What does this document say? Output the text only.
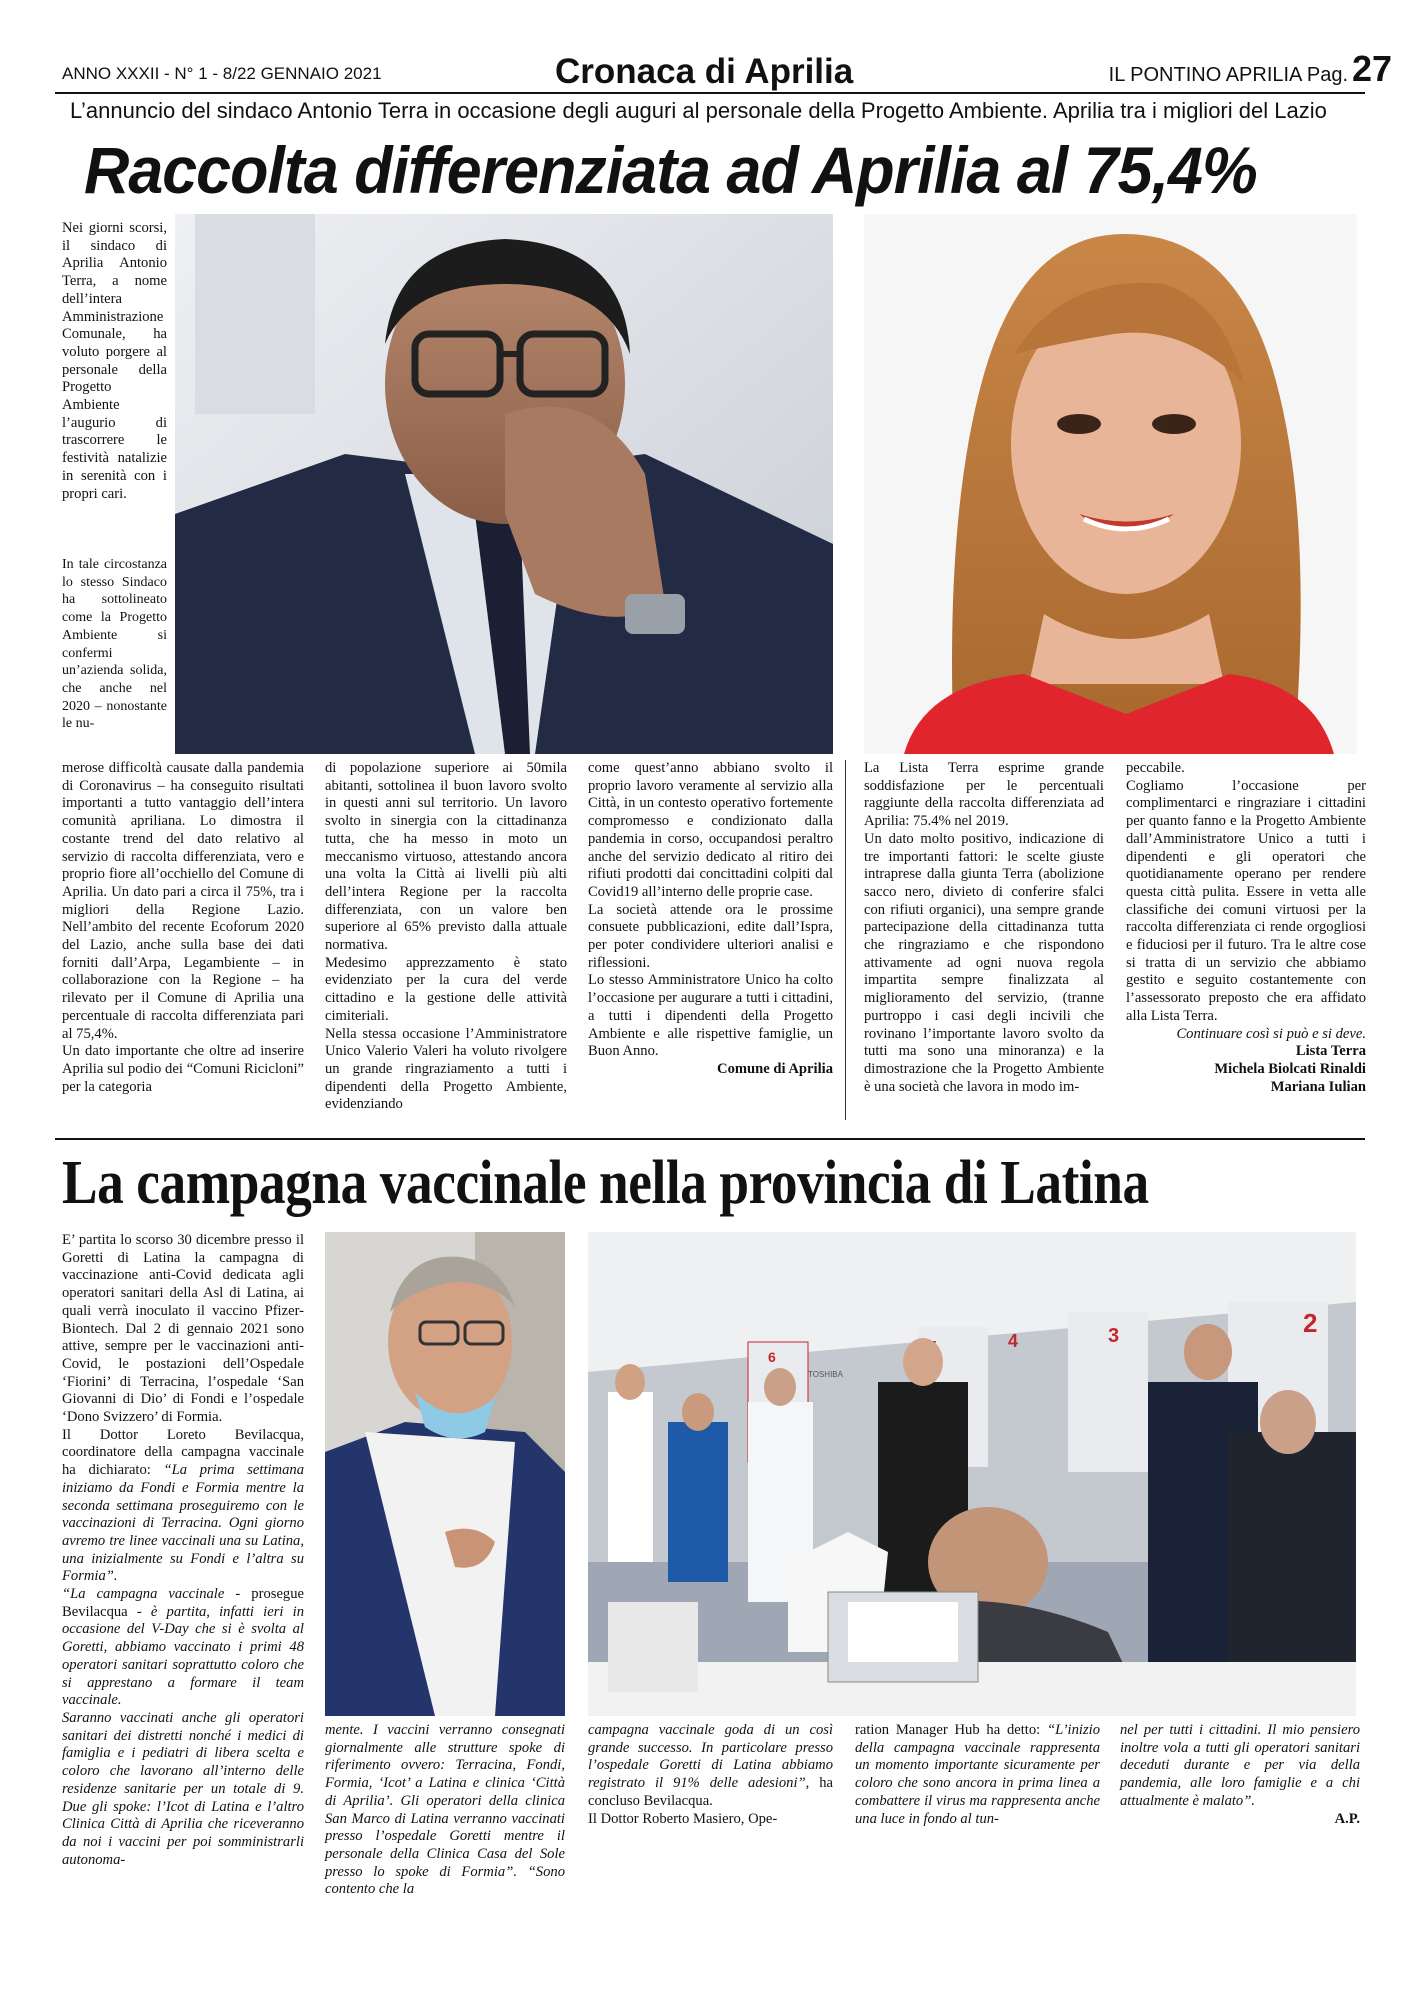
ANNO XXXII - N° 1 - 8/22 GENNAIO 2021	Cronaca di Aprilia	IL PONTINO APRILIA Pag. 27
L’annuncio del sindaco Antonio Terra in occasione degli auguri al personale della Progetto Ambiente. Aprilia tra i migliori del Lazio
Raccolta differenziata ad Aprilia al 75,4%

Nei giorni scorsi, il sindaco di Aprilia Antonio Terra, a nome dell’intera Amministrazione Comunale, ha voluto porgere al personale della Progetto Ambiente l’augurio di trascorrere le festività natalizie in serenità con i propri cari.

In tale circostanza lo stesso Sindaco ha sottolineato come la Progetto Ambiente si confermi un’azienda solida, che anche nel 2020 – nonostante le nu-

merose difficoltà causate dalla pandemia di Coronavirus – ha conseguito risultati importanti a tutto vantaggio dell’intera comunità apriliana. Lo dimostra il costante trend del dato relativo al servizio di raccolta differenziata, vero e proprio fiore all’occhiello del Comune di Aprilia. Un dato pari a circa il 75%, tra i migliori della Regione Lazio. Nell’ambito del recente Ecoforum 2020 del Lazio, anche sulla base dei dati forniti dall’Arpa, Legambiente – in collaborazione con la Regione – ha rilevato per il Comune di Aprilia una percentuale di raccolta differenziata pari al 75,4%.

Un dato importante che oltre ad inserire Aprilia sul podio dei “Comuni Ricicloni” per la categoria

di popolazione superiore ai 50mila abitanti, sottolinea il buon lavoro svolto in questi anni sul territorio. Un lavoro svolto in sinergia con la cittadinanza tutta, che ha messo in moto un meccanismo virtuoso, attestando ancora una volta la Città ai livelli più alti dell’intera Regione per la raccolta differenziata, con un valore ben superiore al 65% previsto dalla attuale normativa.

Medesimo apprezzamento è stato evidenziato per la cura del verde cittadino e la gestione delle attività cimiteriali.

Nella stessa occasione l’Amministratore Unico Valerio Valeri ha voluto rivolgere un grande ringraziamento a tutti i dipendenti della Progetto Ambiente, evidenziando

come quest’anno abbiano svolto il proprio lavoro veramente al servizio alla Città, in un contesto operativo fortemente compromesso e condizionato dalla pandemia in corso, occupandosi peraltro anche del servizio dedicato al ritiro dei rifiuti prodotti dai concittadini colpiti dal Covid19 all’interno delle proprie case.

La società attende ora le prossime consuete pubblicazioni, edite dall’Ispra, per poter condividere ulteriori analisi e riflessioni.

Lo stesso Amministratore Unico ha colto l’occasione per augurare a tutti i cittadini, a tutti i dipendenti della Progetto Ambiente e alle rispettive famiglie, un Buon Anno.

Comune di Aprilia

La Lista Terra esprime grande soddisfazione per le percentuali raggiunte della raccolta differenziata ad Aprilia: 75.4% nel 2019.

Un dato molto positivo, indicazione di tre importanti fattori: le scelte giuste intraprese dalla giunta Terra (abolizione sacco nero, divieto di conferire sfalci con rifiuti organici), una sempre grande partecipazione della cittadinanza tutta che ringraziamo e che rispondono attivamente ad ogni nuova regola impartita sempre finalizzata al miglioramento del servizio, (tranne purtroppo i casi degli incivili che rovinano l’importante lavoro svolto da tutti ma sono una minoranza) e la dimostrazione che la Progetto Ambiente è una società che lavora in modo im-

peccabile.

Cogliamo l’occasione per complimentarci e ringraziare i cittadini per quanto fanno e la Progetto Ambiente dall’Amministratore Unico a tutti i dipendenti e gli operatori che quotidianamente operano per rendere questa città pulita. Essere in vetta alle classifiche dei comuni virtuosi per la raccolta differenziata ci rende orgogliosi e fiduciosi per il futuro. Tra le altre cose si tratta di un servizio che abbiamo gestito e seguito costantemente con l’assessorato preposto che era affidato alla Lista Terra.

Continuare così si può e si deve.

Lista Terra

Michela Biolcati Rinaldi

Mariana Iulian

La campagna vaccinale nella provincia di Latina
6
4	3	2
TOSHIBA

E’ partita lo scorso 30 dicembre presso il Goretti di Latina la campagna di vaccinazione anti-Covid dedicata agli operatori sanitari della Asl di Latina, ai quali verrà inoculato il vaccino Pfizer-Biontech. Dal 2 di gennaio 2021 sono attive, sempre per le vaccinazioni anti-Covid, le postazioni dell’Ospedale ‘Fiorini’ di Terracina, l’ospedale ‘San Giovanni di Dio’ di Fondi e l’ospedale ‘Dono Svizzero’ di Formia.

Il Dottor Loreto Bevilacqua, coordinatore della campagna vaccinale ha dichiarato: “La prima settimana iniziamo da Fondi e Formia mentre la seconda settimana proseguiremo con le vaccinazioni di Terracina. Ogni giorno avremo tre linee vaccinali una su Latina, una inizialmente su Fondi e l’altra su Formia”.

“La campagna vaccinale - prosegue Bevilacqua - è partita, infatti ieri in occasione del V-Day che si è svolta al Goretti, abbiamo vaccinato i primi 48 operatori sanitari soprattutto coloro che si apprestano a formare il team vaccinale.

Saranno vaccinati anche gli operatori sanitari dei distretti nonché i medici di famiglia e i pediatri di libera scelta e coloro che lavorano all’interno delle residenze sanitarie per un totale di 9. Due gli spoke: l’Icot di Latina e l’altro Clinica Città di Aprilia che riceveranno da noi i vaccini per poi somministrarli autonoma-

mente. I vaccini verranno consegnati giornalmente alle strutture spoke di riferimento ovvero: Terracina, Fondi, Formia, ‘Icot’ a Latina e clinica ‘Città di Aprilia’. Gli operatori della clinica San Marco di Latina verranno vaccinati presso l’ospedale Goretti mentre il personale della Clinica Casa del Sole presso lo spoke di Formia”. “Sono contento che la

campagna vaccinale goda di un così grande successo. In particolare presso l’ospedale Goretti di Latina abbiamo registrato il 91% delle adesioni”, ha concluso Bevilacqua.

Il Dottor Roberto Masiero, Ope-

ration Manager Hub ha detto: “L’inizio della campagna vaccinale rappresenta un momento importante sicuramente per coloro che sono ancora in prima linea a combattere il virus ma rappresenta anche una luce in fondo al tun-

nel per tutti i cittadini. Il mio pensiero inoltre vola a tutti gli operatori sanitari deceduti durante e per via della pandemia, alle loro famiglie e a chi attualmente è malato”.

A.P.
